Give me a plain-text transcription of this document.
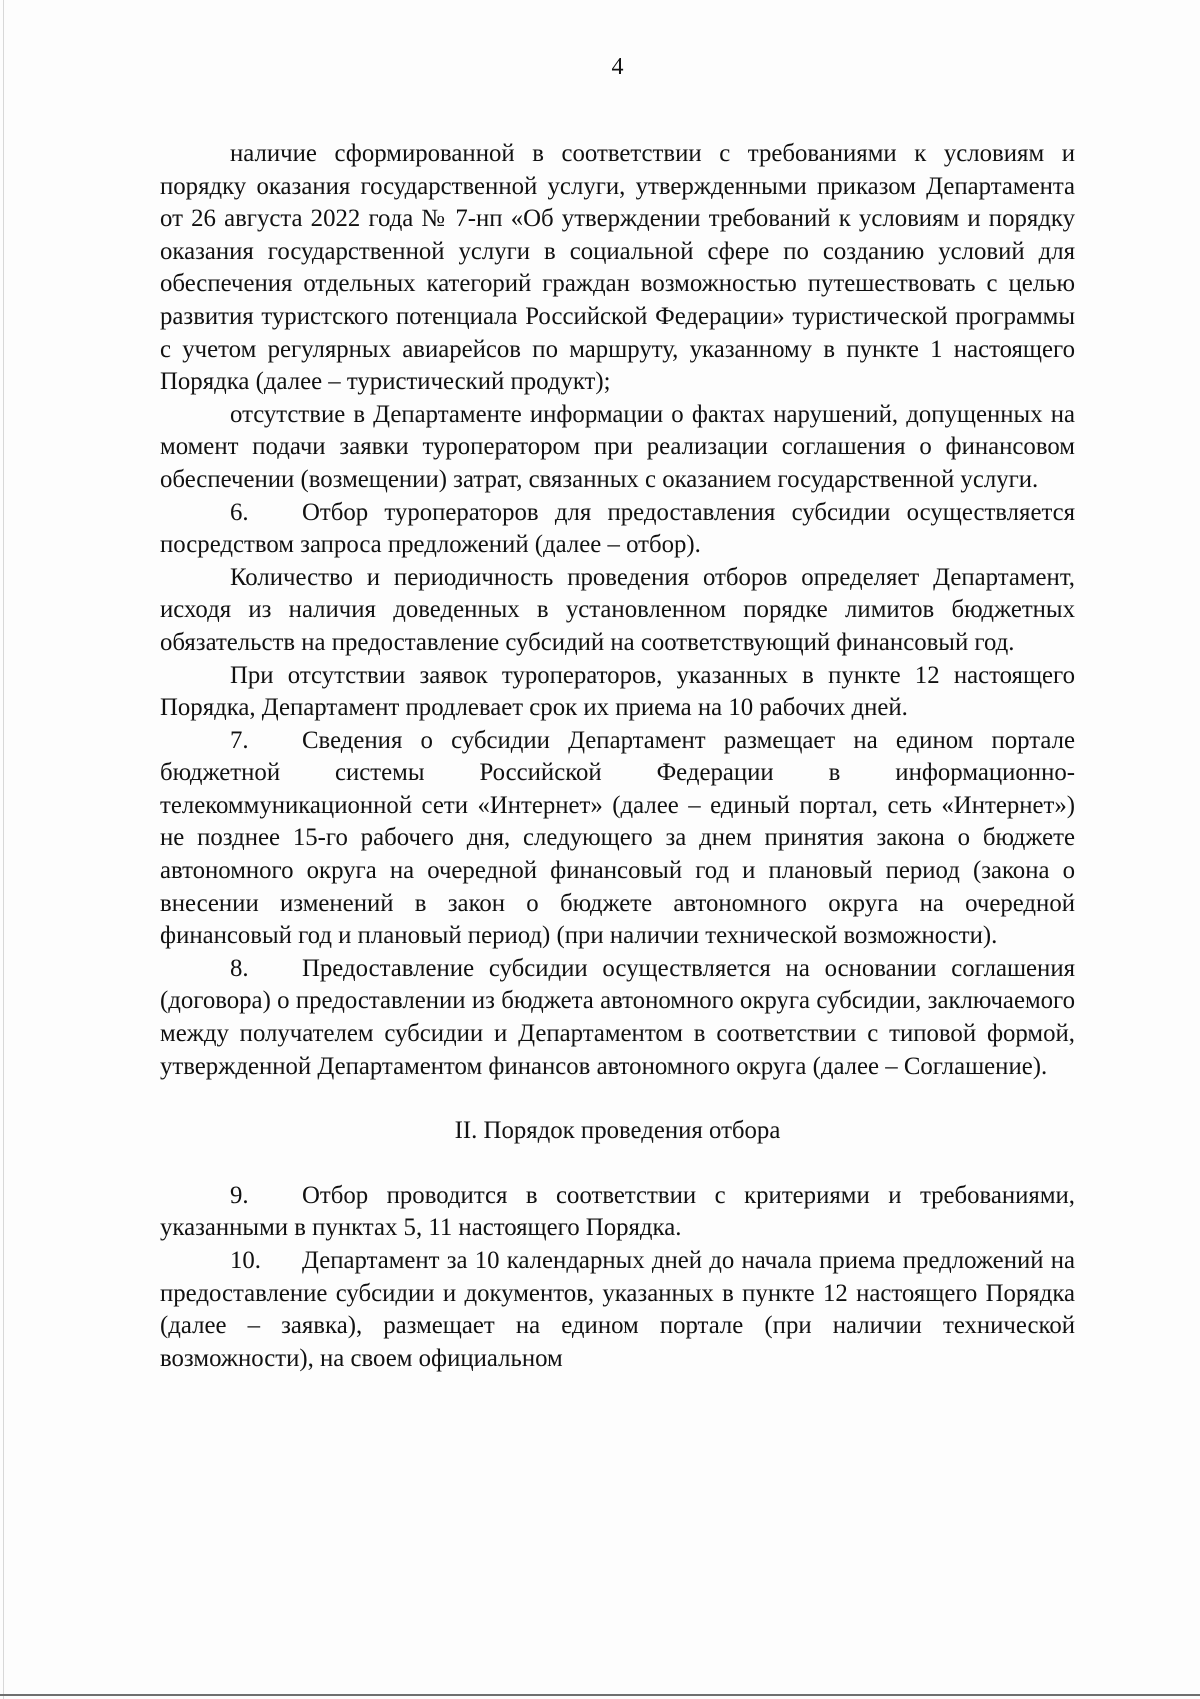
4

наличие сформированной в соответствии с требованиями к условиям и порядку оказания государственной услуги, утвержденными приказом Департамента от 26 августа 2022 года № 7-нп «Об утверждении требований к условиям и порядку оказания государственной услуги в социальной сфере по созданию условий для обеспечения отдельных категорий граждан возможностью путешествовать с целью развития туристского потенциала Российской Федерации» туристической программы с учетом регулярных авиарейсов по маршруту, указанному в пункте 1 настоящего Порядка (далее – туристический продукт);

отсутствие в Департаменте информации о фактах нарушений, допущенных на момент подачи заявки туроператором при реализации соглашения о финансовом обеспечении (возмещении) затрат, связанных с оказанием государственной услуги.

6. Отбор туроператоров для предоставления субсидии осуществляется посредством запроса предложений (далее – отбор).

Количество и периодичность проведения отборов определяет Департамент, исходя из наличия доведенных в установленном порядке лимитов бюджетных обязательств на предоставление субсидий на соответствующий финансовый год.

При отсутствии заявок туроператоров, указанных в пункте 12 настоящего Порядка, Департамент продлевает срок их приема на 10 рабочих дней.

7. Сведения о субсидии Департамент размещает на едином портале бюджетной системы Российской Федерации в информационно-телекоммуникационной сети «Интернет» (далее – единый портал, сеть «Интернет») не позднее 15-го рабочего дня, следующего за днем принятия закона о бюджете автономного округа на очередной финансовый год и плановый период (закона о внесении изменений в закон о бюджете автономного округа на очередной финансовый год и плановый период) (при наличии технической возможности).

8. Предоставление субсидии осуществляется на основании соглашения (договора) о предоставлении из бюджета автономного округа субсидии, заключаемого между получателем субсидии и Департаментом в соответствии с типовой формой, утвержденной Департаментом финансов автономного округа (далее – Соглашение).

II. Порядок проведения отбора

9. Отбор проводится в соответствии с критериями и требованиями, указанными в пунктах 5, 11 настоящего Порядка.

10. Департамент за 10 календарных дней до начала приема предложений на предоставление субсидии и документов, указанных в пункте 12 настоящего Порядка (далее – заявка), размещает на едином портале (при наличии технической возможности), на своем официальном
